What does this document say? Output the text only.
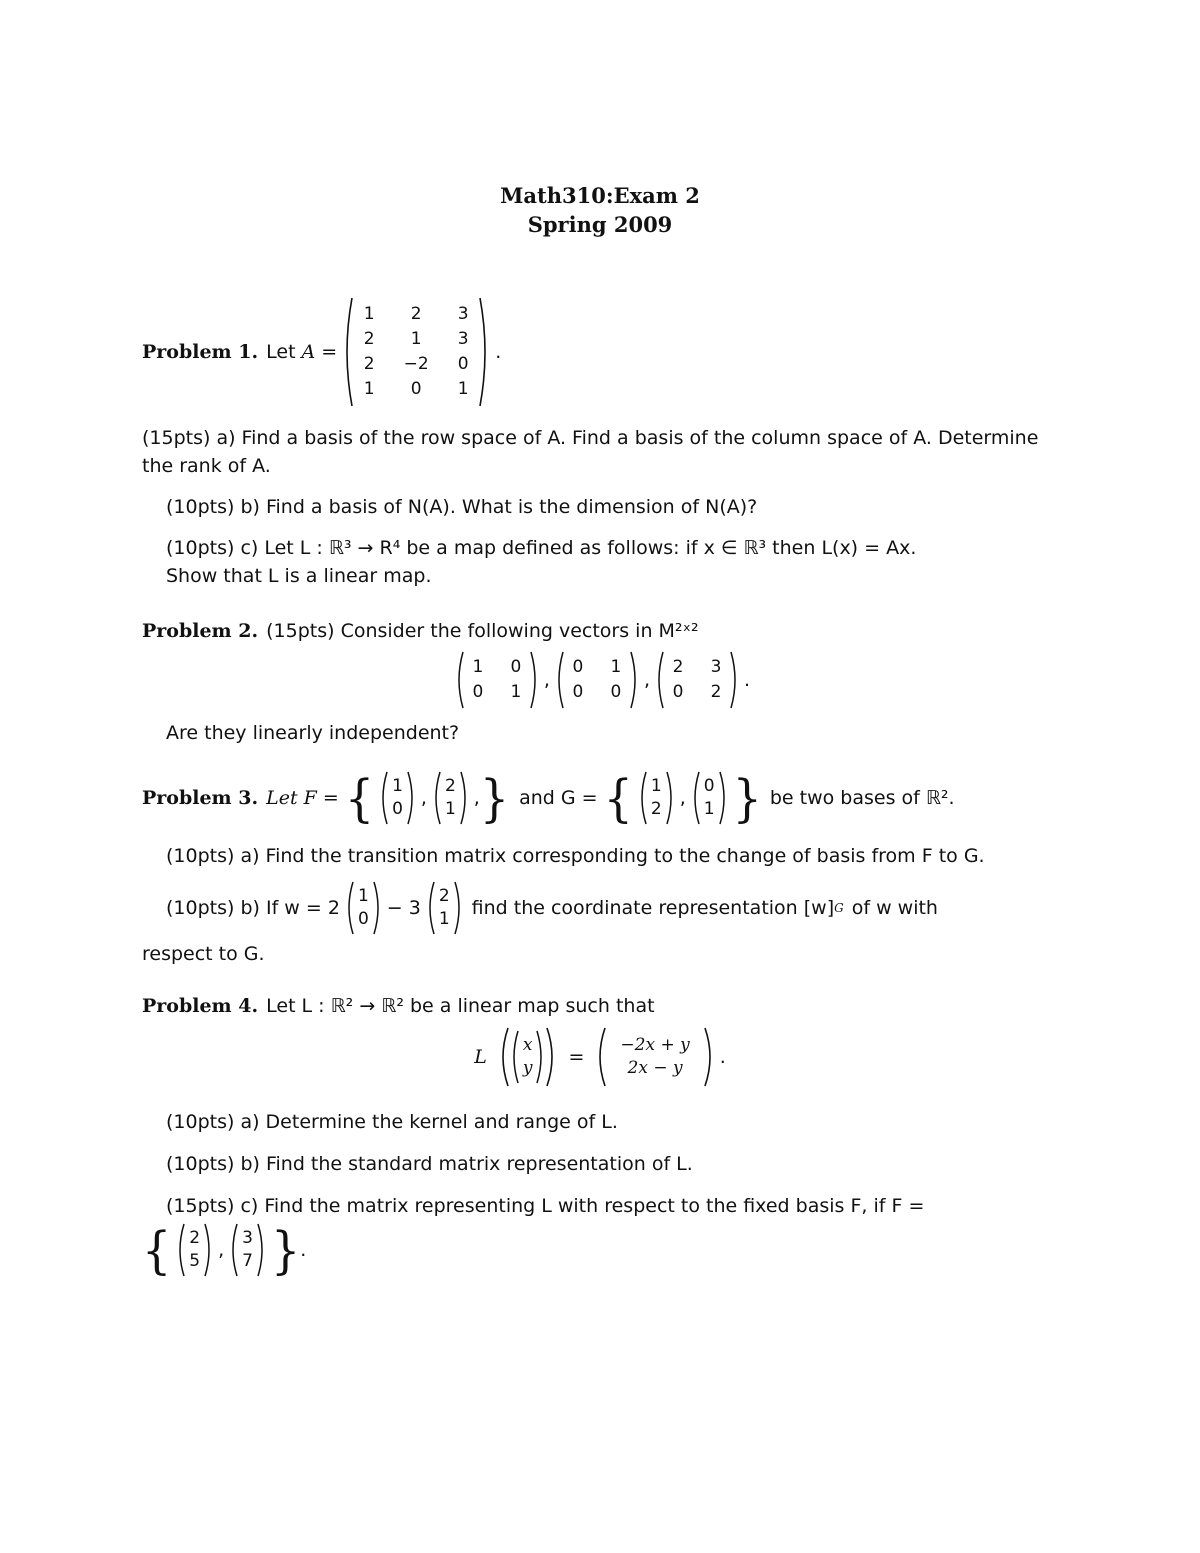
Math310:Exam 2
Spring 2009
Problem 1. Let A =
1	2	3
2	1	3
2	−2	0
1	0	1
.
(15pts) a) Find a basis of the row space of A. Find a basis of the column space of A. Determine the rank of A.
(10pts) b) Find a basis of N(A). What is the dimension of N(A)?
(10pts) c) Let L : ℝ³ → R⁴ be a map defined as follows: if x ∈ ℝ³ then L(x) = Ax.
Show that L is a linear map.
Problem 2. (15pts) Consider the following vectors in M²ˣ²
1 0
0 1
,
0 1
0 0
,
2 3
0 2
.
Are they linearly independent?
Problem 3. Let F = { 1
0 ,
2
1 , } and G = { 1
2 ,
0
1 } be two bases of ℝ².
(10pts) a) Find the transition matrix corresponding to the change of basis from F to G.
(10pts) b) If w = 2
1
0 − 3
2
1 find the coordinate representation [w] G of w with
respect to G.
Problem 4. Let L : ℝ² → ℝ² be a linear map such that
L
x
y =
−2x + y
2x − y .
(10pts) a) Determine the kernel and range of L.
(10pts) b) Find the standard matrix representation of L.
(15pts) c) Find the matrix representing L with respect to the fixed basis F, if F =
{ 2
5 ,
3
7 } .
